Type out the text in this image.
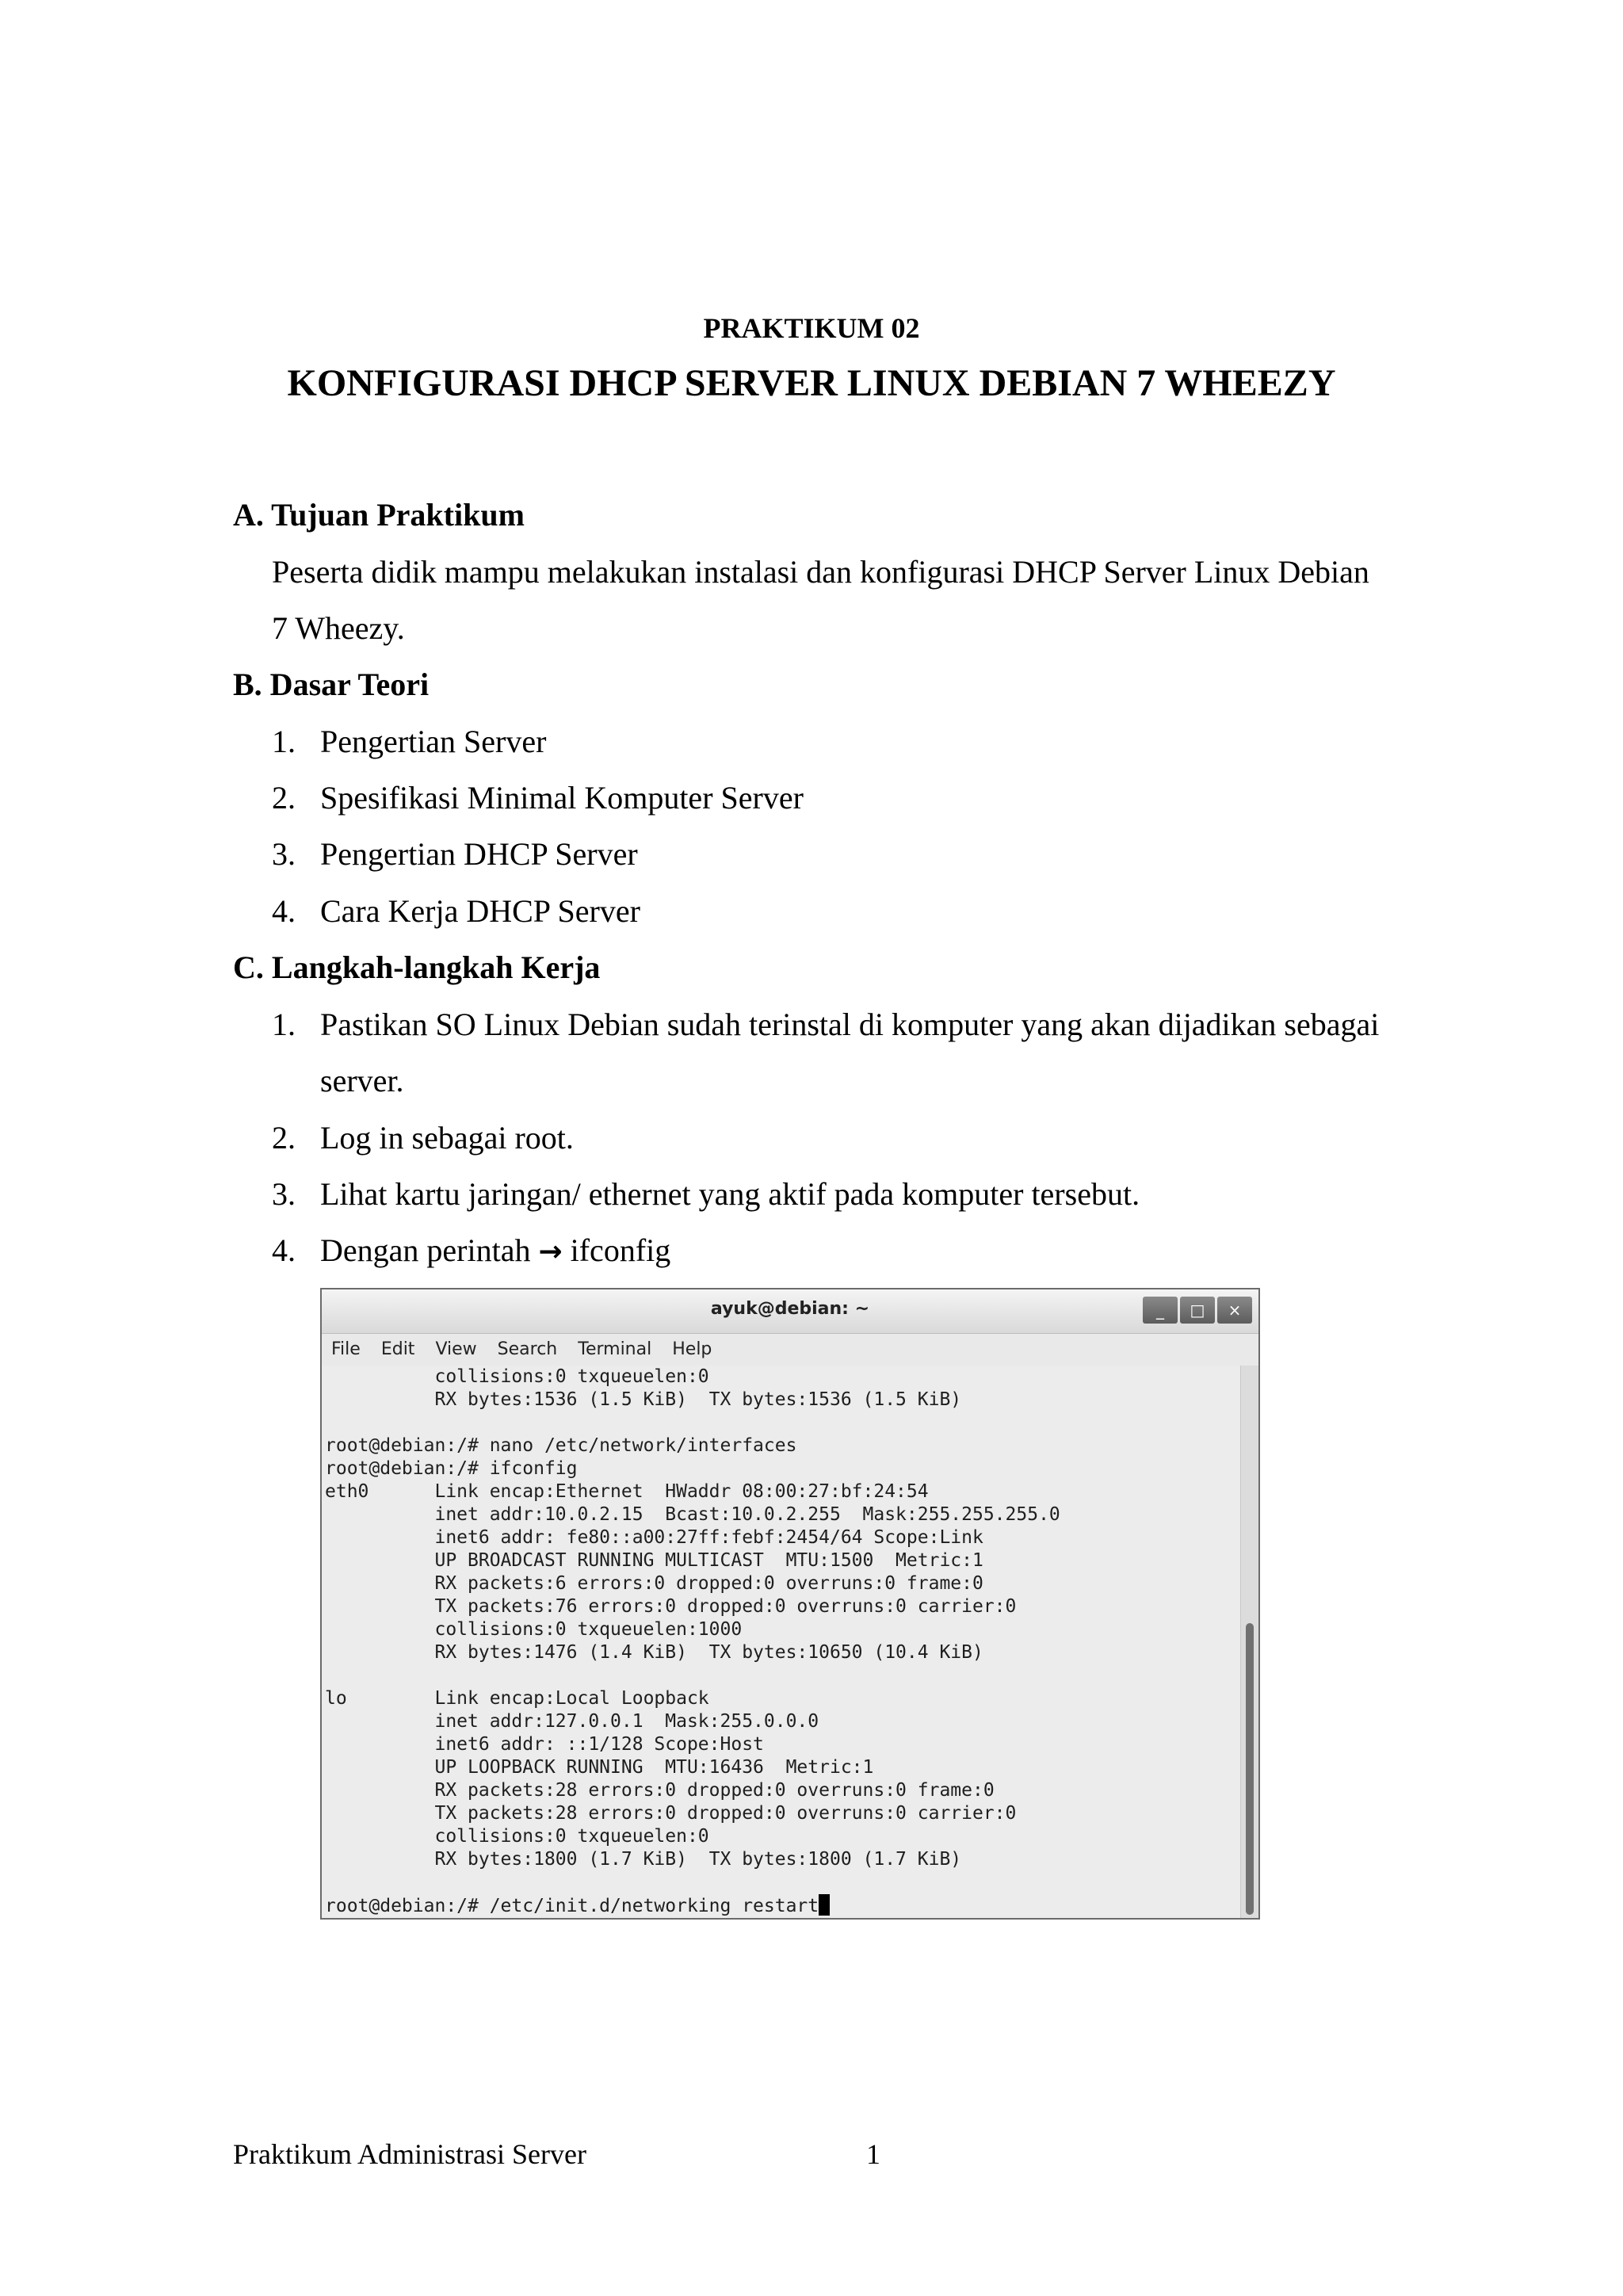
PRAKTIKUM 02
KONFIGURASI DHCP SERVER LINUX DEBIAN 7 WHEEZY
A. Tujuan Praktikum
Peserta didik mampu melakukan instalasi dan konfigurasi DHCP Server Linux Debian
7 Wheezy.
B. Dasar Teori
1. Pengertian Server
2. Spesifikasi Minimal Komputer Server
3. Pengertian DHCP Server
4. Cara Kerja DHCP Server
C. Langkah-langkah Kerja
1. Pastikan SO Linux Debian sudah terinstal di komputer yang akan dijadikan sebagai
server.
2. Log in sebagai root.
3. Lihat kartu jaringan/ ethernet yang aktif pada komputer tersebut.
4. Dengan perintah → ifconfig
ayuk@debian: ~	_	□	×
File	Edit	View	Search	Terminal	Help
collisions:0 txqueuelen:0
RX bytes:1536 (1.5 KiB)  TX bytes:1536 (1.5 KiB)

root@debian:/# nano /etc/network/interfaces
root@debian:/# ifconfig
eth0      Link encap:Ethernet  HWaddr 08:00:27:bf:24:54
inet addr:10.0.2.15  Bcast:10.0.2.255  Mask:255.255.255.0
inet6 addr: fe80::a00:27ff:febf:2454/64 Scope:Link
UP BROADCAST RUNNING MULTICAST  MTU:1500  Metric:1
RX packets:6 errors:0 dropped:0 overruns:0 frame:0
TX packets:76 errors:0 dropped:0 overruns:0 carrier:0
collisions:0 txqueuelen:1000
RX bytes:1476 (1.4 KiB)  TX bytes:10650 (10.4 KiB)

lo        Link encap:Local Loopback
inet addr:127.0.0.1  Mask:255.0.0.0
inet6 addr: ::1/128 Scope:Host
UP LOOPBACK RUNNING  MTU:16436  Metric:1
RX packets:28 errors:0 dropped:0 overruns:0 frame:0
TX packets:28 errors:0 dropped:0 overruns:0 carrier:0
collisions:0 txqueuelen:0
RX bytes:1800 (1.7 KiB)  TX bytes:1800 (1.7 KiB)

root@debian:/# /etc/init.d/networking restart
Praktikum Administrasi Server	1
